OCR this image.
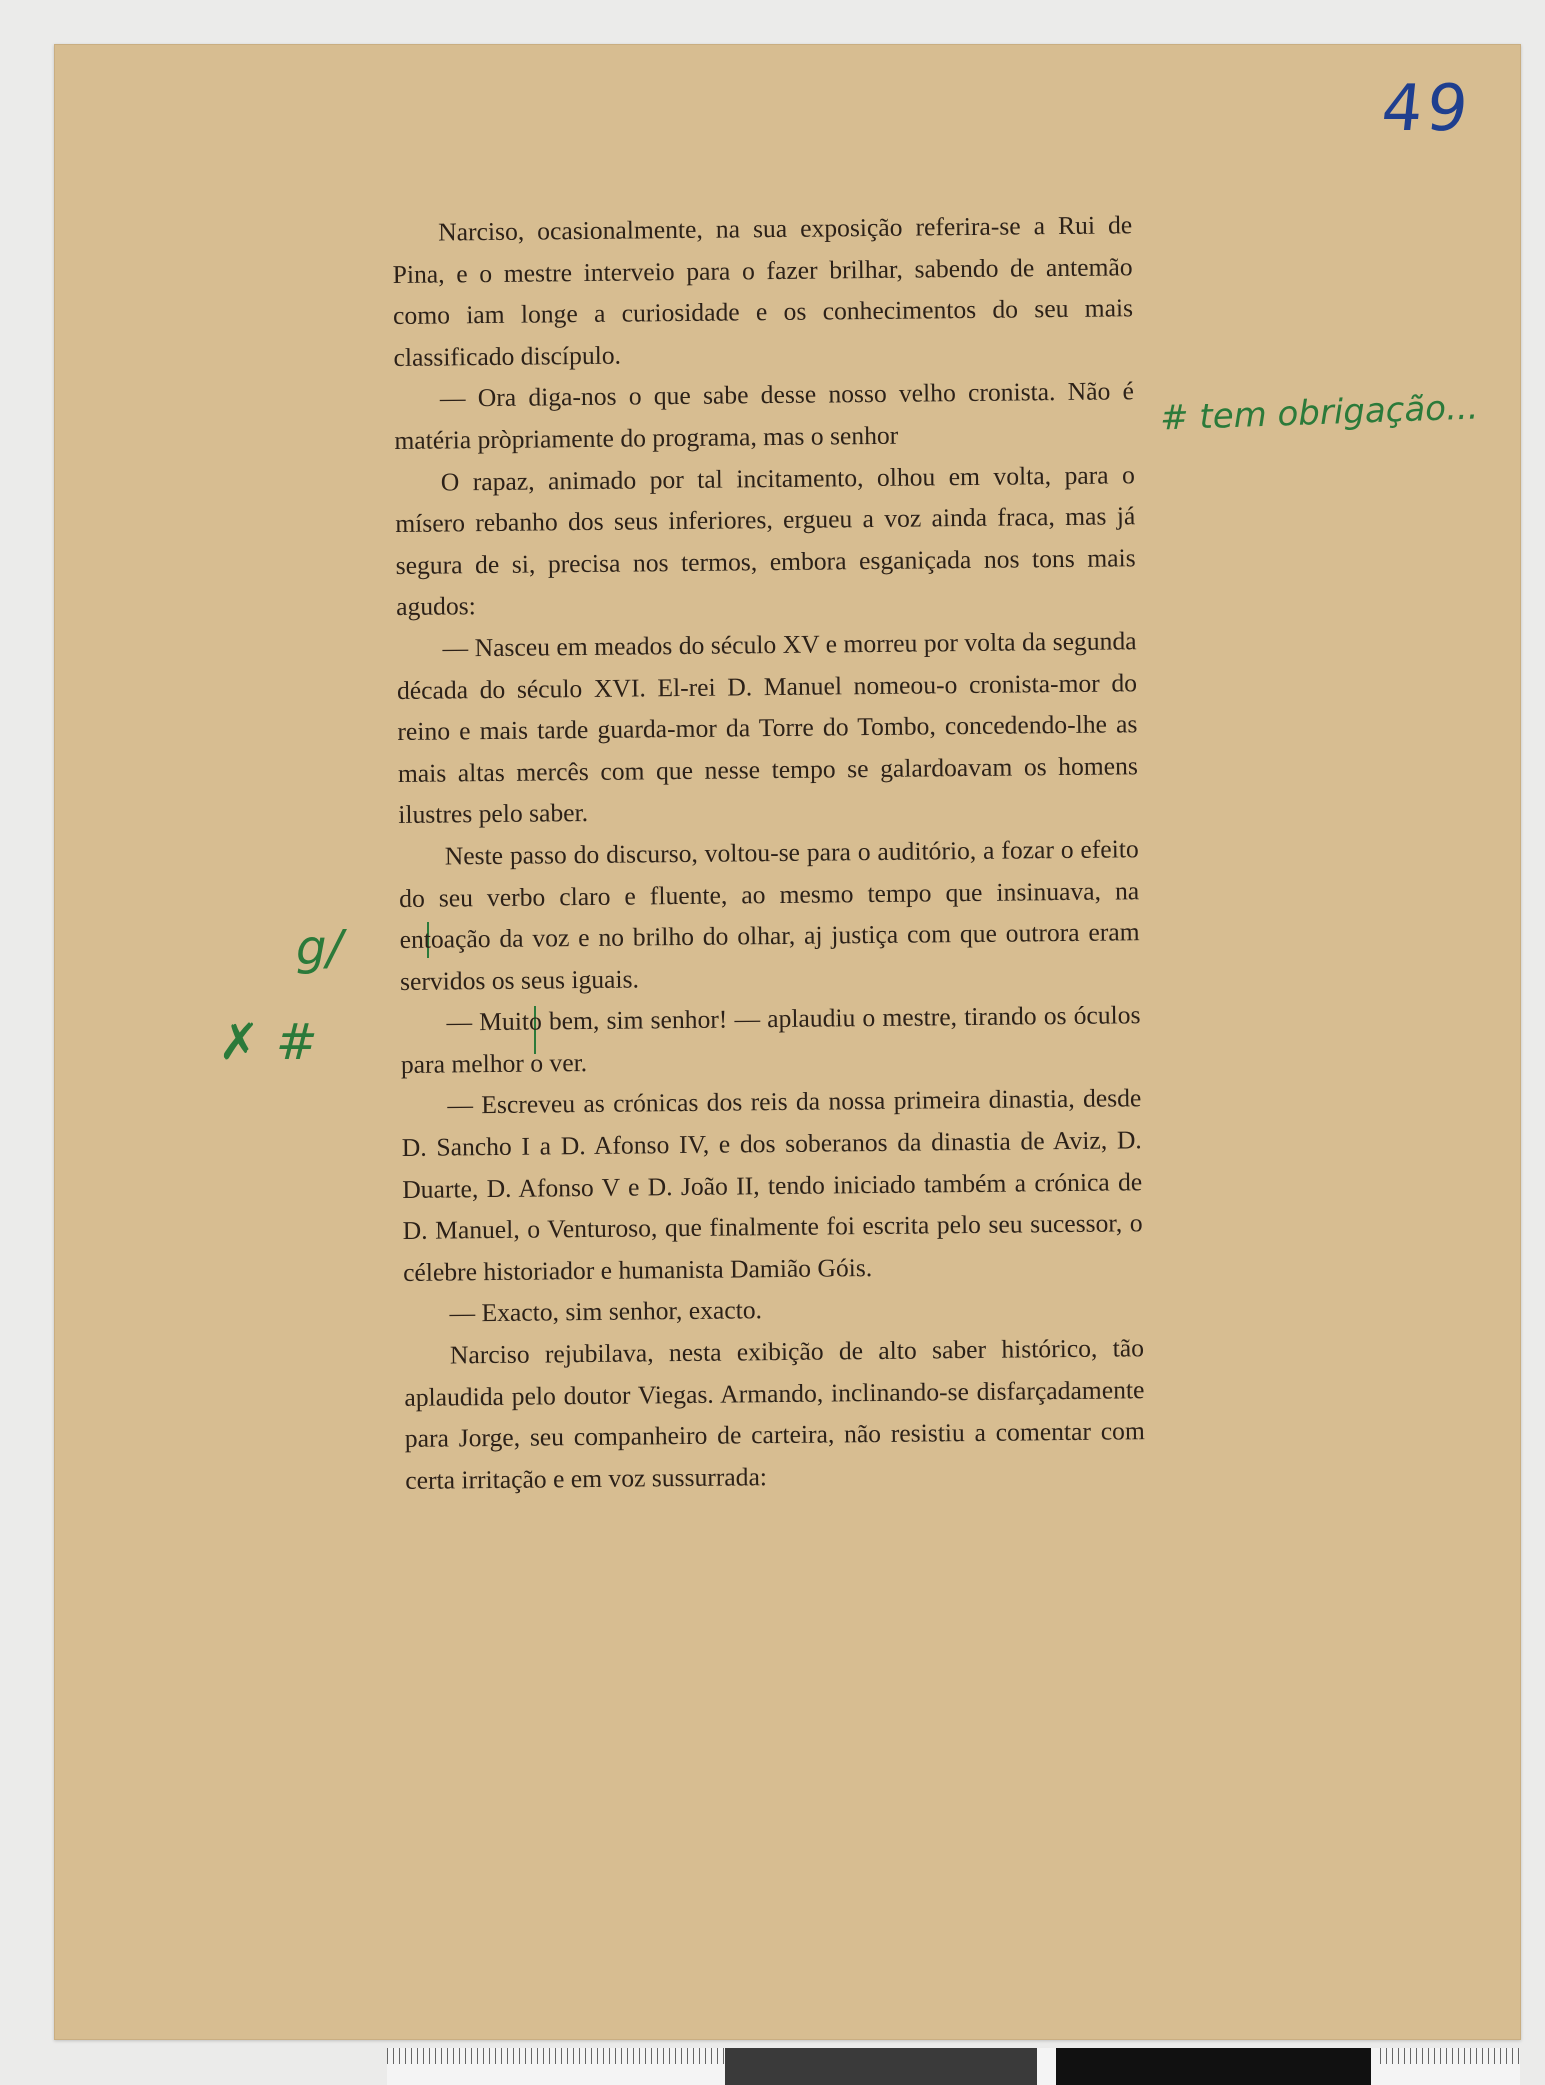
49
# tem obrigação...
g/
✗ #

Narciso, ocasionalmente, na sua exposição referira-se a Rui de Pina, e o mestre interveio para o fazer brilhar, sabendo de antemão como iam longe a curiosidade e os conhecimentos do seu mais classificado discípulo.

— Ora diga-nos o que sabe desse nosso velho cronista. Não é matéria pròpriamente do programa, mas o senhor

O rapaz, animado por tal incitamento, olhou em volta, para o mísero rebanho dos seus inferiores, ergueu a voz ainda fraca, mas já segura de si, precisa nos termos, embora esganiçada nos tons mais agudos:

— Nasceu em meados do século XV e morreu por volta da segunda década do século XVI. El-rei D. Manuel nomeou-o cronista-mor do reino e mais tarde guarda-mor da Torre do Tombo, concedendo-lhe as mais altas mercês com que nesse tempo se galardoavam os homens ilustres pelo saber.

Neste passo do discurso, voltou-se para o auditório, a fozar o efeito do seu verbo claro e fluente, ao mesmo tempo que insinuava, na entoação da voz e no brilho do olhar, aj justiça com que outrora eram servidos os seus iguais.

— Muito bem, sim senhor! — aplaudiu o mestre, tirando os óculos para melhor o ver.

— Escreveu as crónicas dos reis da nossa primeira dinastia, desde D. Sancho I a D. Afonso IV, e dos soberanos da dinastia de Aviz, D. Duarte, D. Afonso V e D. João II, tendo iniciado também a crónica de D. Manuel, o Venturoso, que finalmente foi escrita pelo seu sucessor, o célebre historiador e humanista Damião Góis.

— Exacto, sim senhor, exacto.

Narciso rejubilava, nesta exibição de alto saber histórico, tão aplaudida pelo doutor Viegas. Armando, inclinando-se disfarçadamente para Jorge, seu companheiro de carteira, não resistiu a comentar com certa irritação e em voz sussurrada:
